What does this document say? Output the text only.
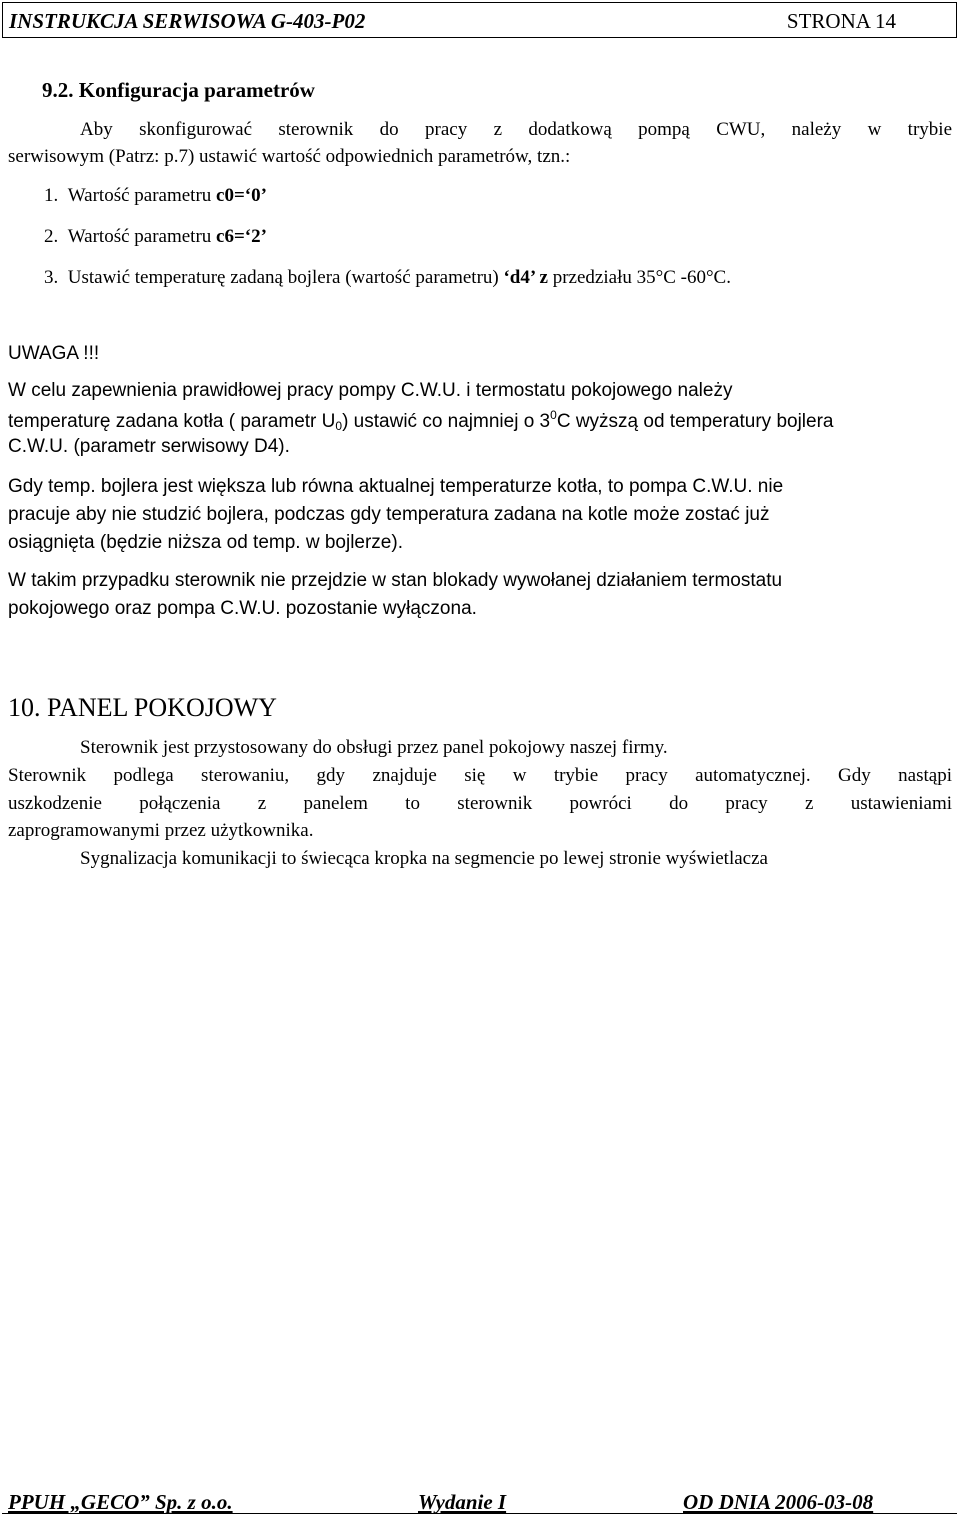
INSTRUKCJA SERWISOWA G-403-P02	STRONA 14
9.2. Konfiguracja parametrów
Aby skonfigurować sterownik do pracy z dodatkową pompą CWU, należy w trybie
serwisowym (Patrz: p.7) ustawić wartość odpowiednich parametrów, tzn.:
1. Wartość parametru c0=‘0’
2. Wartość parametru c6=‘2’
3. Ustawić temperaturę zadaną bojlera (wartość parametru) ‘d4’ z przedziału 35°C -60°C.
UWAGA !!!
W celu zapewnienia prawidłowej pracy pompy C.W.U. i termostatu pokojowego należy
temperaturę zadana kotła ( parametr $U_0$) ustawić co najmniej o $3^0C$ wyższą od temperatury bojlera
C.W.U. (parametr serwisowy D4).
Gdy temp. bojlera jest większa lub równa aktualnej temperaturze kotła, to pompa C.W.U. nie
pracuje aby nie studzić bojlera, podczas gdy temperatura zadana na kotle może zostać już
osiągnięta (będzie niższa od temp. w bojlerze).
W takim przypadku sterownik nie przejdzie w stan blokady wywołanej działaniem termostatu
pokojowego oraz pompa C.W.U. pozostanie wyłączona.
10. PANEL POKOJOWY
Sterownik jest przystosowany do obsługi przez panel pokojowy naszej firmy.
Sterownik podlega sterowaniu, gdy znajduje się w trybie pracy automatycznej. Gdy nastąpi
uszkodzenie połączenia z panelem to sterownik powróci do pracy z ustawieniami
zaprogramowanymi przez użytkownika.
Sygnalizacja komunikacji to świecąca kropka na segmencie po lewej stronie wyświetlacza
PPUH „GECO” Sp. z o.o.	Wydanie I	OD DNIA 2006-03-08
